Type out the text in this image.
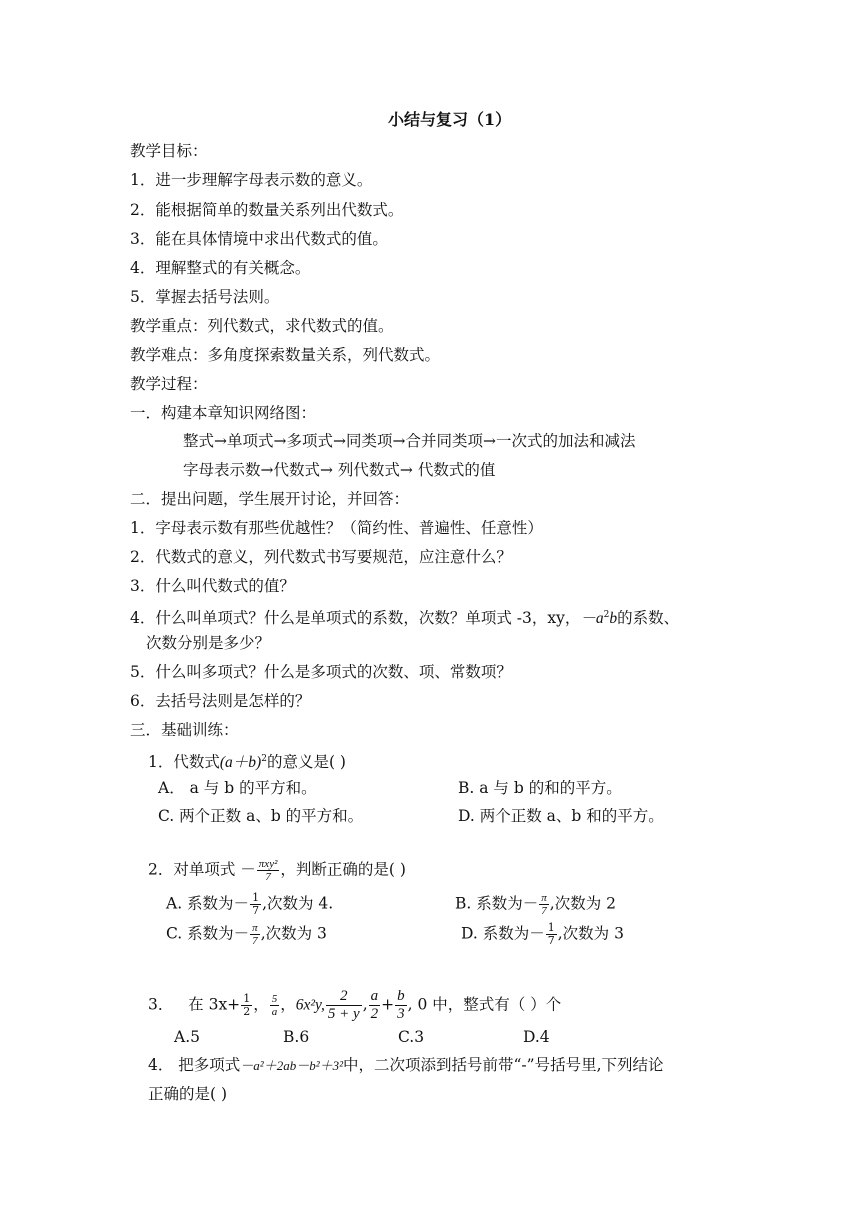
小结与复习（1）
教学目标：
1．进一步理解字母表示数的意义。
2．能根据简单的数量关系列出代数式。
3．能在具体情境中求出代数式的值。
4．理解整式的有关概念。
5．掌握去括号法则。
教学重点：列代数式，求代数式的值。
教学难点：多角度探索数量关系，列代数式。
教学过程：
一．构建本章知识网络图：
整式→单项式→多项式→同类项→合并同类项→一次式的加法和减法
字母表示数→代数式→ 列代数式→ 代数式的值
二．提出问题，学生展开讨论，并回答：
1．字母表示数有那些优越性？（简约性、普遍性、任意性）
2．代数式的意义，列代数式书写要规范，应注意什么？
3．什么叫代数式的值？
4．什么叫单项式？什么是单项式的系数，次数？单项式 -3，xy，$-a^2b$的系数、
次数分别是多少？
5．什么叫多项式？什么是多项式的次数、项、常数项？
6．去括号法则是怎样的？
三．基础训练：
1．代数式$(a+b)^2$的意义是( )
A． a 与 b 的平方和。	B. a 与 b 的和的平方。
C. 两个正数 a、b 的平方和。	D. 两个正数 a、b 和的平方。
2．对单项式 － $\frac{\text{πxy²}}{7}$ ，判断正确的是( )
A. 系数为－ $\frac{1}{7}$ ,次数为 4.	B. 系数为－ $\frac{\pi}{7}$ ,次数为 2
C. 系数为－ $\frac{\pi}{7}$ ,次数为 3	D. 系数为－ $\frac{1}{7}$ ,次数为 3
3． 在 $3x+ \frac{1}{2}$ ， $\frac{5}{a}$ ，6x²y, $\frac{2}{5 + y}$ , $\frac{a}{2} + \frac{b}{3}$ , 0 中，整式有（ ）个
A.5	B.6	C.3	D.4
4． 把多项式－a²＋2ab－b²＋3²中，二次项添到括号前带“-”号括号里,下列结论
正确的是( )
